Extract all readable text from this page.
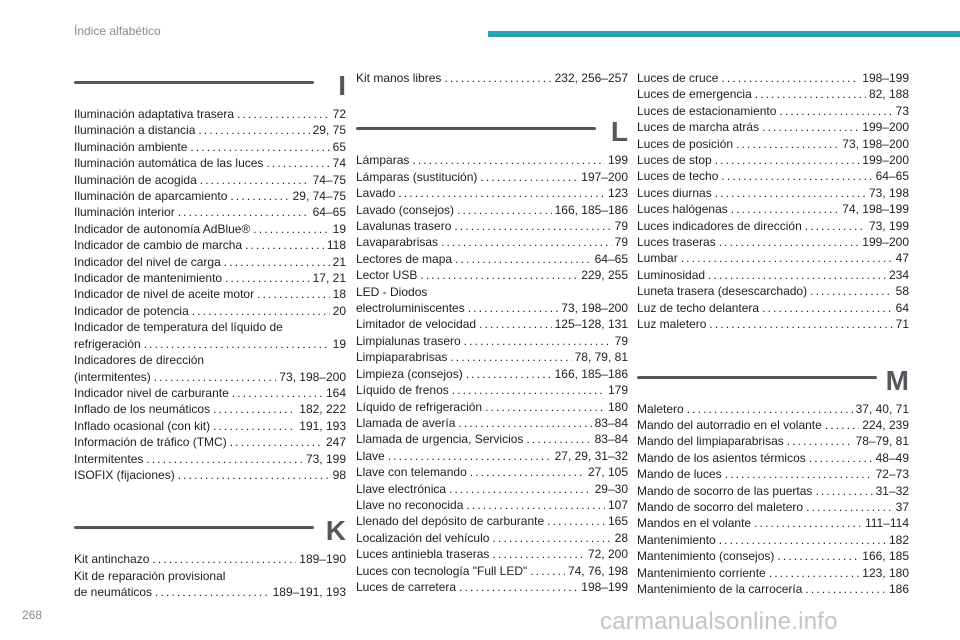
Índice alfabético
I
Iluminación adaptativa trasera . . .	72
Iluminación a distancia . . .	29, 75
Iluminación ambiente . . .	65
Iluminación automática de las luces . . .	74
Iluminación de acogida . . .	74–75
Iluminación de aparcamiento . . .	29, 74–75
Iluminación interior . . .	64–65
Indicador de autonomía AdBlue® . . .	19
Indicador de cambio de marcha . . .	118
Indicador del nivel de carga . . .	21
Indicador de mantenimiento . . .	17, 21
Indicador de nivel de aceite motor . . .	18
Indicador de potencia . . .	20
Indicador de temperatura del líquido de
refrigeración . . .	19
Indicadores de dirección
(intermitentes) . . .	73, 198–200
Indicador nivel de carburante . . .	164
Inflado de los neumáticos . . .	182, 222
Inflado ocasional (con kit) . . .	191, 193
Información de tráfico (TMC) . . .	247
Intermitentes . . .	73, 199
ISOFIX (fijaciones) . . .	98
K
Kit antinchazo . . .	189–190
Kit de reparación provisional
de neumáticos . . .	189–191, 193
Kit manos libres . . .	232, 256–257
L
Lámparas . . .	199
Lámparas (sustitución) . . .	197–200
Lavado . . .	123
Lavado (consejos) . . .	166, 185–186
Lavalunas trasero . . .	79
Lavaparabrisas . . .	79
Lectores de mapa . . .	64–65
Lector USB . . .	229, 255
LED - Diodos
electroluminiscentes . . .	73, 198–200
Limitador de velocidad . . .	125–128, 131
Limpialunas trasero . . .	79
Limpiaparabrisas . . .	78, 79, 81
Limpieza (consejos) . . .	166, 185–186
Líquido de frenos . . .	179
Líquido de refrigeración . . .	180
Llamada de avería . . .	83–84
Llamada de urgencia, Servicios . . .	83–84
Llave . . .	27, 29, 31–32
Llave con telemando . . .	27, 105
Llave electrónica . . .	29–30
Llave no reconocida . . .	107
Llenado del depósito de carburante . . .	165
Localización del vehículo . . .	28
Luces antiniebla traseras . . .	72, 200
Luces con tecnología "Full LED" . . .	74, 76, 198
Luces de carretera . . .	198–199
Luces de cruce . . .	198–199
Luces de emergencia . . .	82, 188
Luces de estacionamiento . . .	73
Luces de marcha atrás . . .	199–200
Luces de posición . . .	73, 198–200
Luces de stop . . .	199–200
Luces de techo . . .	64–65
Luces diurnas . . .	73, 198
Luces halógenas . . .	74, 198–199
Luces indicadores de dirección . . .	73, 199
Luces traseras . . .	199–200
Lumbar . . .	47
Luminosidad . . .	234
Luneta trasera (desescarchado) . . .	58
Luz de techo delantera . . .	64
Luz maletero . . .	71
M
Maletero . . .	37, 40, 71
Mando del autorradio en el volante . . .	224, 239
Mando del limpiaparabrisas . . .	78–79, 81
Mando de los asientos térmicos . . .	48–49
Mando de luces . . .	72–73
Mando de socorro de las puertas . . .	31–32
Mando de socorro del maletero . . .	37
Mandos en el volante . . .	111–114
Mantenimiento . . .	182
Mantenimiento (consejos) . . .	166, 185
Mantenimiento corriente . . .	123, 180
Mantenimiento de la carrocería . . .	186
268	carmanualsonline.info
